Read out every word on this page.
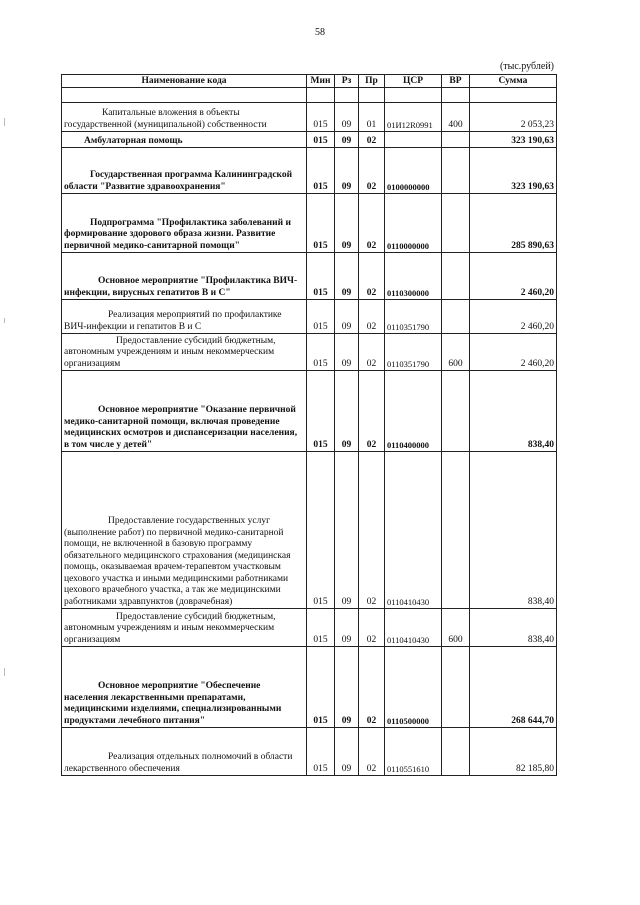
58
(тыс.рублей)
Наименование кода	Мин	Рз	Пр	ЦСР	ВР	Сумма

Капитальные вложения в объекты государственной (муниципальной) собственности	015	09	01	01И12R0991	400	2 053,23
Амбулаторная помощь	015	09	02			323 190,63
Государственная программа Калининградской области "Развитие здравоохранения"	015	09	02	0100000000		323 190,63
Подпрограмма "Профилактика заболеваний и формирование здорового образа жизни. Развитие первичной медико-санитарной помощи"	015	09	02	0110000000		285 890,63
Основное мероприятие "Профилактика ВИЧ-инфекции, вирусных гепатитов В и С"	015	09	02	0110300000		2 460,20
Реализация мероприятий по профилактике ВИЧ-инфекции и гепатитов В и С	015	09	02	0110351790		2 460,20
Предоставление субсидий бюджетным, автономным учреждениям и иным некоммерческим организациям	015	09	02	0110351790	600	2 460,20
Основное мероприятие "Оказание первичной медико-санитарной помощи, включая проведение медицинских осмотров и диспансеризации населения, в том числе у детей"	015	09	02	0110400000		838,40
Предоставление государственных услуг (выполнение работ) по первичной медико-санитарной помощи, не включенной в базовую программу обязательного медицинского страхования (медицинская помощь, оказываемая врачем-терапевтом участковым цехового участка и иными медицинскими работниками цехового врачебного участка, а так же медицинскими работниками здравпунктов (доврачебная)	015	09	02	0110410430		838,40
Предоставление субсидий бюджетным, автономным учреждениям и иным некоммерческим организациям	015	09	02	0110410430	600	838,40
Основное мероприятие "Обеспечение населения лекарственными препаратами, медицинскими изделиями, специализированными продуктами лечебного питания"	015	09	02	0110500000		268 644,70
Реализация отдельных полномочий в области лекарственного обеспечения	015	09	02	0110551610		82 185,80
